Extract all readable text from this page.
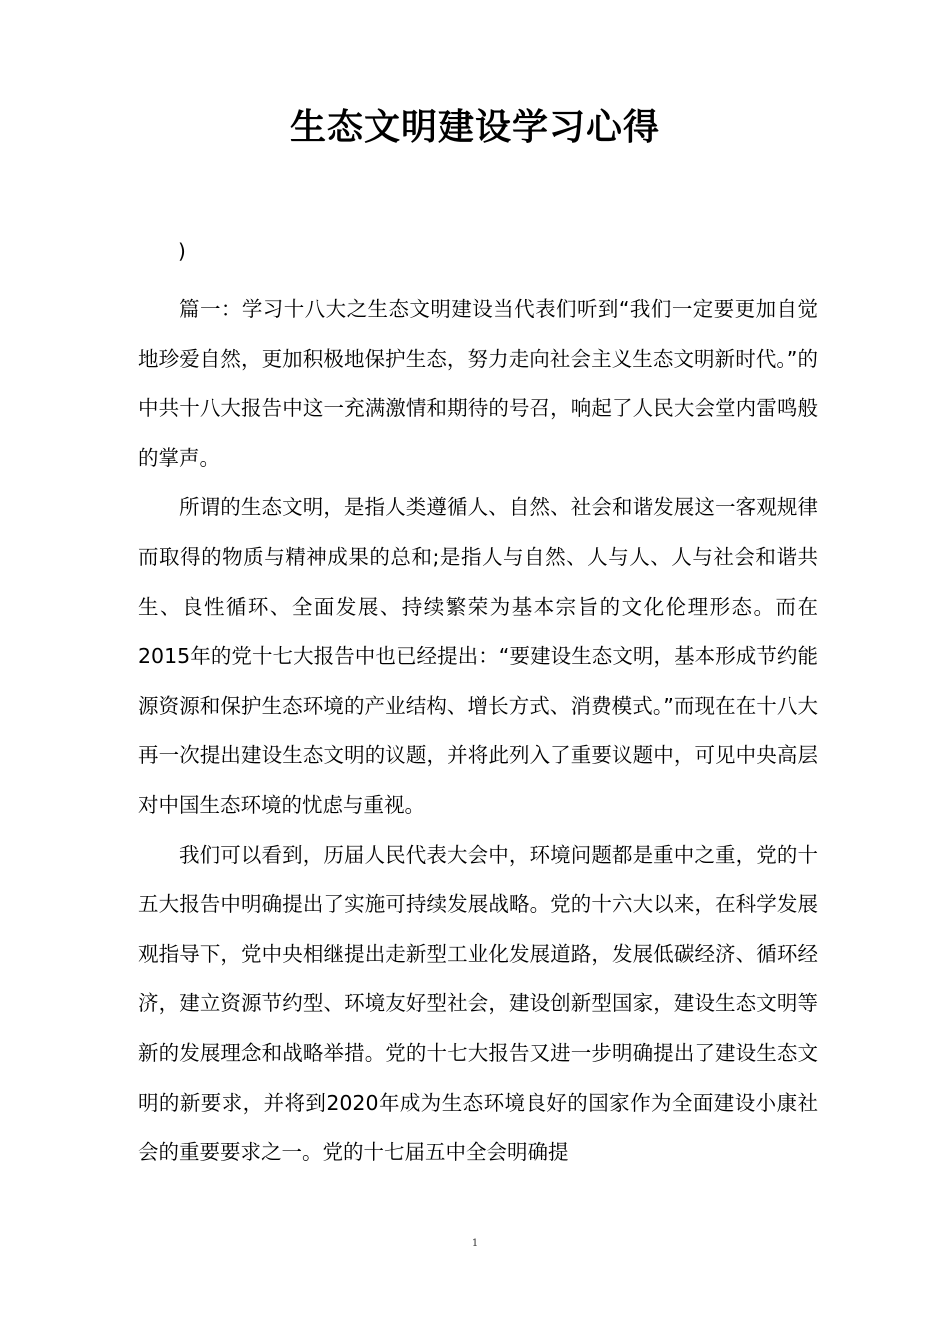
生态文明建设学习心得
)

篇一：学习十八大之生态文明建设当代表们听到“我们一定要更加自觉地珍爱自然，更加积极地保护生态，努力走向社会主义生态文明新时代。”的中共十八大报告中这一充满激情和期待的号召，响起了人民大会堂内雷鸣般的掌声。

所谓的生态文明，是指人类遵循人、自然、社会和谐发展这一客观规律而取得的物质与精神成果的总和;是指人与自然、人与人、人与社会和谐共生、良性循环、全面发展、持续繁荣为基本宗旨的文化伦理形态。而在2015年的党十七大报告中也已经提出：“要建设生态文明，基本形成节约能源资源和保护生态环境的产业结构、增长方式、消费模式。”而现在在十八大再一次提出建设生态文明的议题，并将此列入了重要议题中，可见中央高层对中国生态环境的忧虑与重视。

我们可以看到，历届人民代表大会中，环境问题都是重中之重，党的十五大报告中明确提出了实施可持续发展战略。党的十六大以来，在科学发展观指导下，党中央相继提出走新型工业化发展道路，发展低碳经济、循环经济，建立资源节约型、环境友好型社会，建设创新型国家，建设生态文明等新的发展理念和战略举措。党的十七大报告又进一步明确提出了建设生态文明的新要求，并将到2020年成为生态环境良好的国家作为全面建设小康社会的重要要求之一。党的十七届五中全会明确提

1
